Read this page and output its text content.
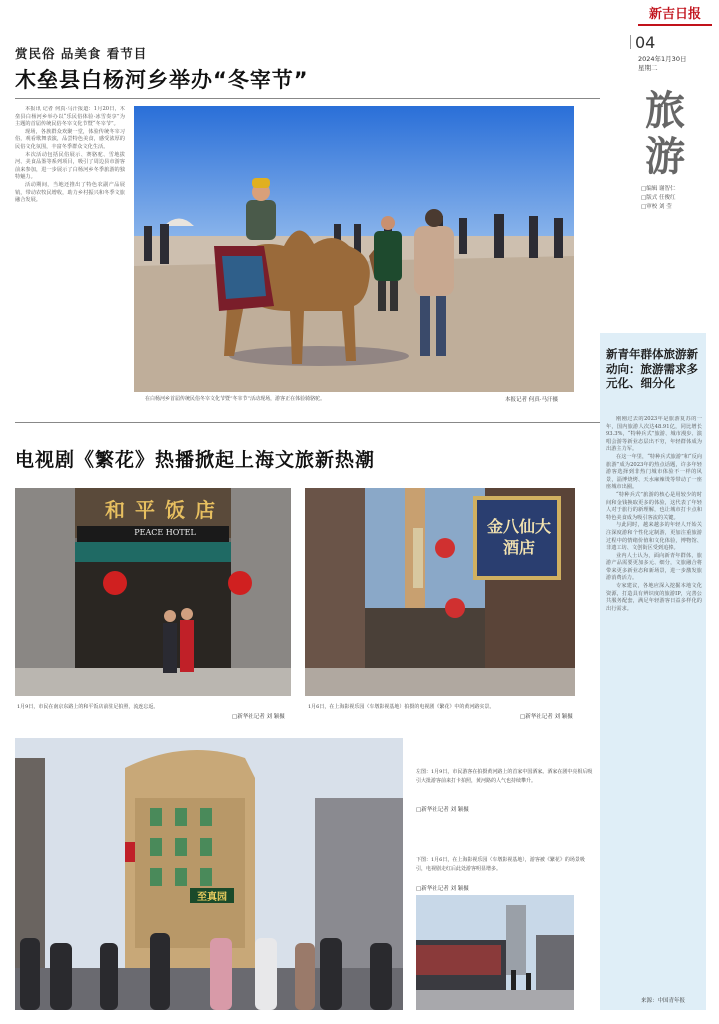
新吉日报
04
2024年1月30日
星期二
旅
游
□编辑 谢智仁
□版式 任俊红
□审校 刘 莹
赏民俗 品美食 看节目
木垒县白杨河乡举办“冬宰节”

本报讯 记者 何真·马汗报道：1月20日，木垒县白杨河乡举办以“乐民俗体验·冰雪奏享”为主题的首届传统民俗冬宰文化节暨“冬宰节”。

现场，各族群众欢聚一堂，体验传统冬宰习俗，观看歌舞表演，品尝特色美食，感受浓厚的民俗文化氛围，丰富冬季群众文化生活。

本次活动包括民俗展示、赛骆驼、雪地拔河、美食品鉴等系列项目，吸引了周边县市游客前来参加，进一步展示了白杨河乡冬季旅游的独特魅力。

活动期间，当地还推出了特色农副产品展销，带动农牧民增收，助力乡村振兴和冬季文旅融合发展。

在白杨河乡首届传统民俗冬宰文化节暨“冬宰节”活动现场，游客正在体验骑骆驼。	本报记者 何真·马汗摄
电视剧《繁花》热播掀起上海文旅新热潮
和平饭店
PEACE HOTEL	金八仙大酒店
1月9日，市民在南京东路上的和平饭店前驻足拍照，流连忘返。
□新华社记者 刘 颖摄
1月6日，在上海影视乐园（车墩影视基地）拍摄的电视剧《繁花》中的黄河路实景。
□新华社记者 刘 颖摄
至真园
左图：1月9日，市民游客在拍摄黄河路上的首家中国酒家。酒家在剧中亮相后吸引大批游客前来打卡拍照，黄河路的人气也持续攀升。
□新华社记者 刘 颖摄
下图：1月6日，在上海影视乐园（车墩影视基地），游客被《繁花》的场景吸引，电视剧走红后此处游客明显增多。
□新华社记者 刘 颖摄
新青年群体旅游新动向：旅游需求多元化、细分化

刚刚过去的2023年是旅游复苏的一年，国内旅游人次达48.91亿，同比增长93.3%，“特种兵式”旅游、城市漫步、演唱会游等新业态层出不穷，年轻群体成为出游主力军。

在这一年里，“特种兵式旅游”和“反向旅游”成为2023年的热点话题，许多年轻游客选择到非热门城市体验不一样的风景，淄博烧烤、天水麻辣烫等带动了一座座城市出圈。

“特种兵式”旅游的核心是用较少的时间和金钱换取更多的体验，这代表了年轻人对于旅行的新理解，也让城市打卡点和特色美食成为吸引客流的关键。

与此同时，越来越多的年轻人开始关注深度游和个性化定制游，更加注重旅游过程中的情绪价值和文化体验，博物馆、非遗工坊、文创街区受到追捧。

业内人士认为，面向新青年群体，旅游产品需要更加多元、细分，文旅融合将带来更多新业态和新场景，进一步激发旅游消费活力。

专家建议，各地应深入挖掘本地文化资源，打造具有辨识度的旅游IP，完善公共服务配套，满足年轻游客日益多样化的出行需求。

来源：中国青年报
